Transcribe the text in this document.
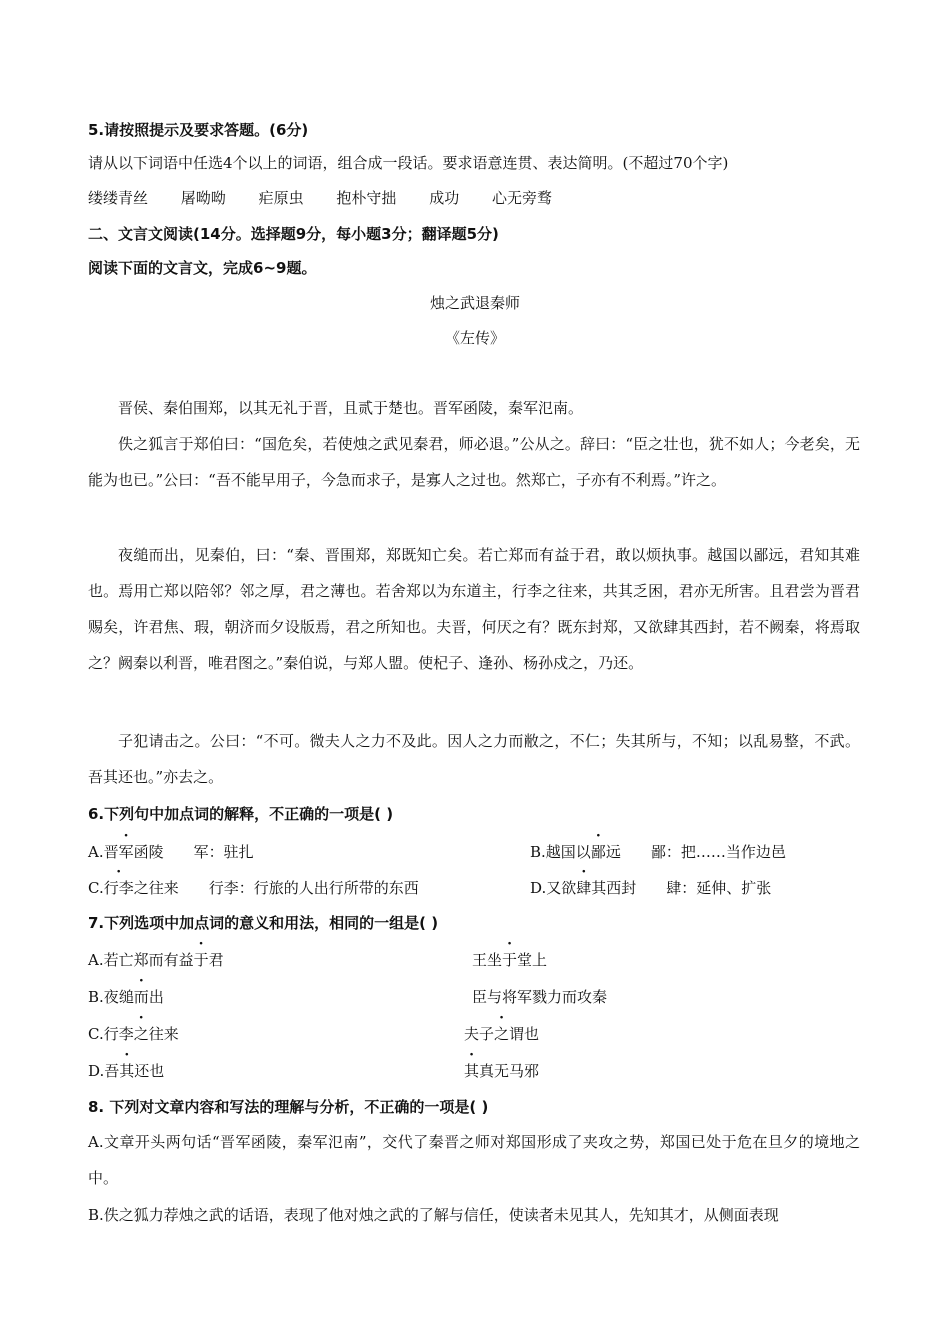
5.请按照提示及要求答题。(6分)
请从以下词语中任选4个以上的词语，组合成一段话。要求语意连贯、表达简明。(不超过70个字)
缕缕青丝 屠呦呦 疟原虫 抱朴守拙 成功 心无旁骛
二、文言文阅读(14分。选择题9分，每小题3分；翻译题5分)
阅读下面的文言文，完成6~9题。
烛之武退秦师
《左传》
晋侯、秦伯围郑，以其无礼于晋，且贰于楚也。晋军函陵，秦军氾南。
佚之狐言于郑伯曰：“国危矣，若使烛之武见秦君，师必退。”公从之。辞曰：“臣之壮也，犹不如人；今老矣，无能为也已。”公曰：“吾不能早用子，今急而求子，是寡人之过也。然郑亡，子亦有不利焉。”许之。
夜缒而出，见秦伯，曰：“秦、晋围郑，郑既知亡矣。若亡郑而有益于君，敢以烦执事。越国以鄙远，君知其难也。焉用亡郑以陪邻？邻之厚，君之薄也。若舍郑以为东道主，行李之往来，共其乏困，君亦无所害。且君尝为晋君赐矣，许君焦、瑕，朝济而夕设版焉，君之所知也。夫晋，何厌之有？既东封郑，又欲肆其西封，若不阙秦，将焉取之？阙秦以利晋，唯君图之。”秦伯说，与郑人盟。使杞子、逢孙、杨孙戍之，乃还。
子犯请击之。公曰：“不可。微夫人之力不及此。因人之力而敝之，不仁；失其所与，不知；以乱易整，不武。吾其还也。”亦去之。
6.下列句中加点词的解释，不正确的一项是( )
A.晋军函陵 军：驻扎	B.越国以鄙远 鄙：把……当作边邑
C.行李之往来 行李：行旅的人出行所带的东西	D.又欲肆其西封 肆：延伸、扩张
7.下列选项中加点词的意义和用法，相同的一组是( )
A.若亡郑而有益于君	王坐于堂上
B.夜缒而出	臣与将军戮力而攻秦
C.行李之往来	夫子之谓也
D.吾其还也	其真无马邪
8. 下列对文章内容和写法的理解与分析，不正确的一项是( )
A.文章开头两句话“晋军函陵，秦军氾南”，交代了秦晋之师对郑国形成了夹攻之势，郑国已处于危在旦夕的境地之中。
B.佚之狐力荐烛之武的话语，表现了他对烛之武的了解与信任，使读者未见其人，先知其才，从侧面表现
